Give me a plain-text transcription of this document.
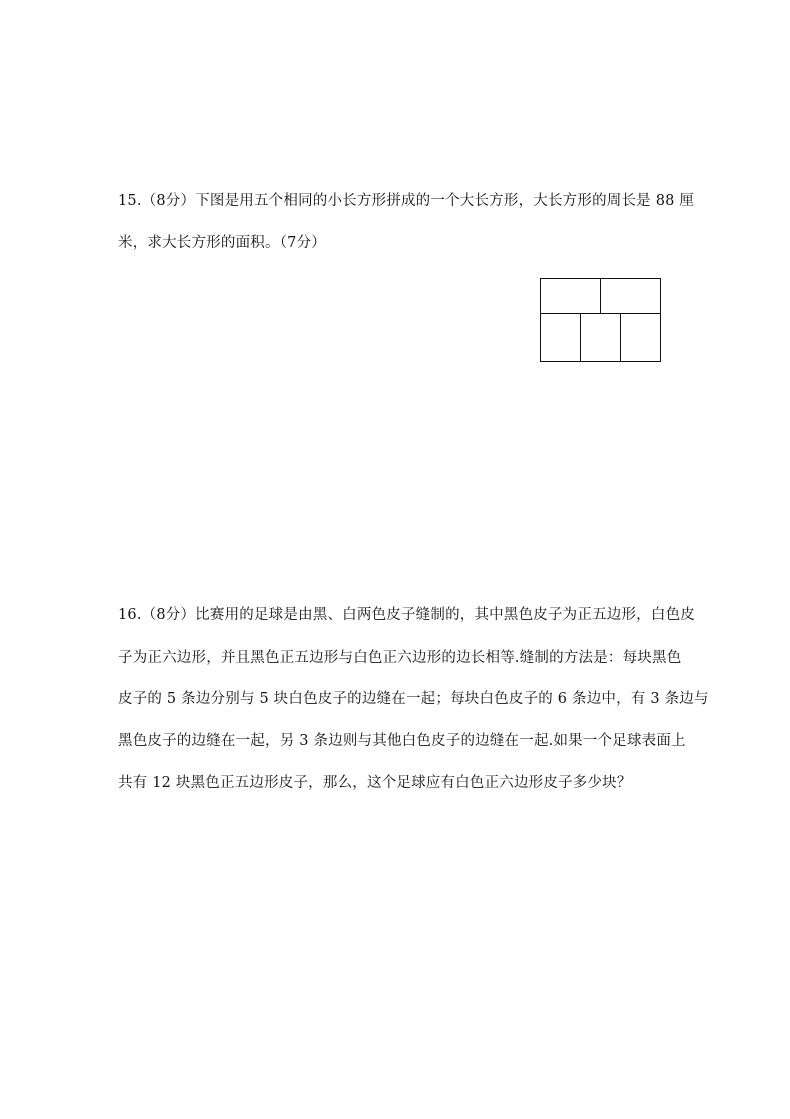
15.（8分）下图是用五个相同的小长方形拼成的一个大长方形，大长方形的周长是 88 厘
米，求大长方形的面积。（7分）
16.（8分）比赛用的足球是由黑、白两色皮子缝制的，其中黑色皮子为正五边形，白色皮
子为正六边形，并且黑色正五边形与白色正六边形的边长相等.缝制的方法是：每块黑色
皮子的 5 条边分别与 5 块白色皮子的边缝在一起；每块白色皮子的 6 条边中，有 3 条边与
黑色皮子的边缝在一起，另 3 条边则与其他白色皮子的边缝在一起.如果一个足球表面上
共有 12 块黑色正五边形皮子，那么，这个足球应有白色正六边形皮子多少块？
